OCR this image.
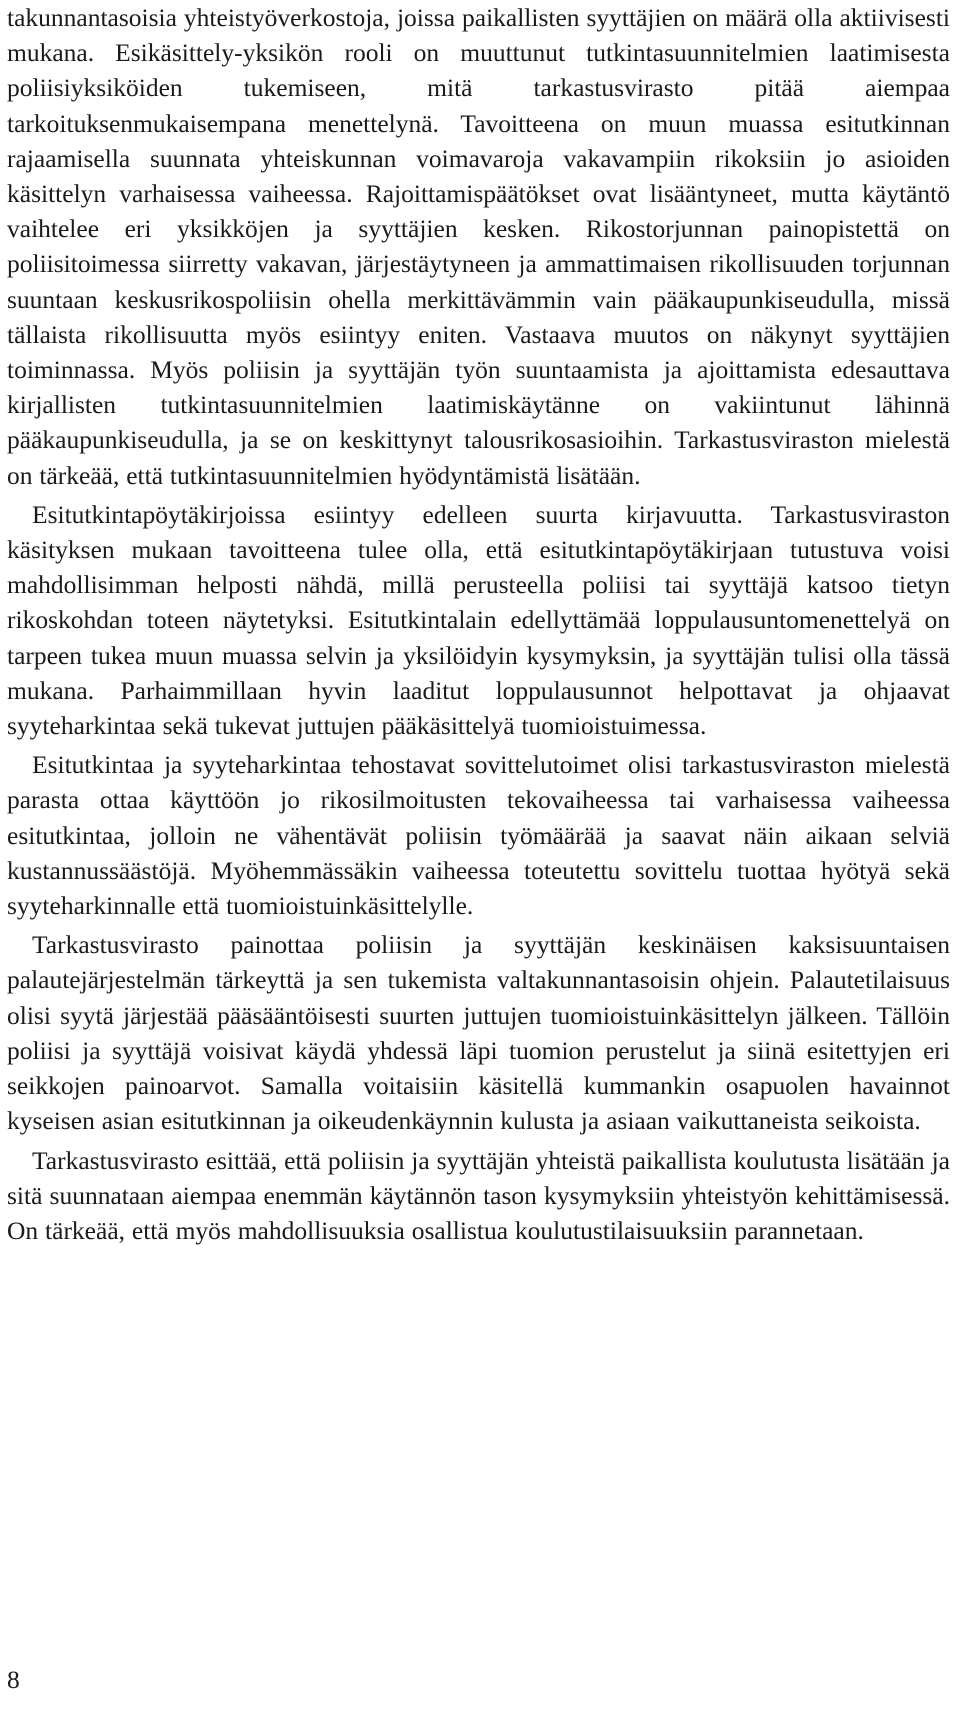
takunnantasoisia yhteistyöverkostoja, joissa paikallisten syyttäjien on määrä olla aktiivisesti mukana. Esikäsittely-yksikön rooli on muuttunut tutkintasuunnitelmien laatimisesta poliisiyksiköiden tukemiseen, mitä tarkastusvirasto pitää aiempaa tarkoituksenmukaisempana menettelynä. Tavoitteena on muun muassa esitutkinnan rajaamisella suunnata yhteiskunnan voimavaroja vakavampiin rikoksiin jo asioiden käsittelyn varhaisessa vaiheessa. Rajoittamispäätökset ovat lisääntyneet, mutta käytäntö vaihtelee eri yksikköjen ja syyttäjien kesken. Rikostorjunnan painopistettä on poliisitoimessa siirretty vakavan, järjestäytyneen ja ammattimaisen rikollisuuden torjunnan suuntaan keskusrikospoliisin ohella merkittävämmin vain pääkaupunkiseudulla, missä tällaista rikollisuutta myös esiintyy eniten. Vastaava muutos on näkynyt syyttäjien toiminnassa. Myös poliisin ja syyttäjän työn suuntaamista ja ajoittamista edesauttava kirjallisten tutkintasuunnitelmien laatimiskäytänne on vakiintunut lähinnä pääkaupunkiseudulla, ja se on keskittynyt talousrikosasioihin. Tarkastusviraston mielestä on tärkeää, että tutkintasuunnitelmien hyödyntämistä lisätään.

Esitutkintapöytäkirjoissa esiintyy edelleen suurta kirjavuutta. Tarkastusviraston käsityksen mukaan tavoitteena tulee olla, että esitutkintapöytäkirjaan tutustuva voisi mahdollisimman helposti nähdä, millä perusteella poliisi tai syyttäjä katsoo tietyn rikoskohdan toteen näytetyksi. Esitutkintalain edellyttämää loppulausuntomenettelyä on tarpeen tukea muun muassa selvin ja yksilöidyin kysymyksin, ja syyttäjän tulisi olla tässä mukana. Parhaimmillaan hyvin laaditut loppulausunnot helpottavat ja ohjaavat syyteharkintaa sekä tukevat juttujen pääkäsittelyä tuomioistuimessa.

Esitutkintaa ja syyteharkintaa tehostavat sovittelutoimet olisi tarkastusviraston mielestä parasta ottaa käyttöön jo rikosilmoitusten tekovaiheessa tai varhaisessa vaiheessa esitutkintaa, jolloin ne vähentävät poliisin työmäärää ja saavat näin aikaan selviä kustannussäästöjä. Myöhemmässäkin vaiheessa toteutettu sovittelu tuottaa hyötyä sekä syyteharkinnalle että tuomioistuinkäsittelylle.

Tarkastusvirasto painottaa poliisin ja syyttäjän keskinäisen kaksisuuntaisen palautejärjestelmän tärkeyttä ja sen tukemista valtakunnantasoisin ohjein. Palautetilaisuus olisi syytä järjestää pääsääntöisesti suurten juttujen tuomioistuinkäsittelyn jälkeen. Tällöin poliisi ja syyttäjä voisivat käydä yhdessä läpi tuomion perustelut ja siinä esitettyjen eri seikkojen painoarvot. Samalla voitaisiin käsitellä kummankin osapuolen havainnot kyseisen asian esitutkinnan ja oikeudenkäynnin kulusta ja asiaan vaikuttaneista seikoista.

Tarkastusvirasto esittää, että poliisin ja syyttäjän yhteistä paikallista koulutusta lisätään ja sitä suunnataan aiempaa enemmän käytännön tason kysymyksiin yhteistyön kehittämisessä. On tärkeää, että myös mahdollisuuksia osallistua koulutustilaisuuksiin parannetaan.

8
